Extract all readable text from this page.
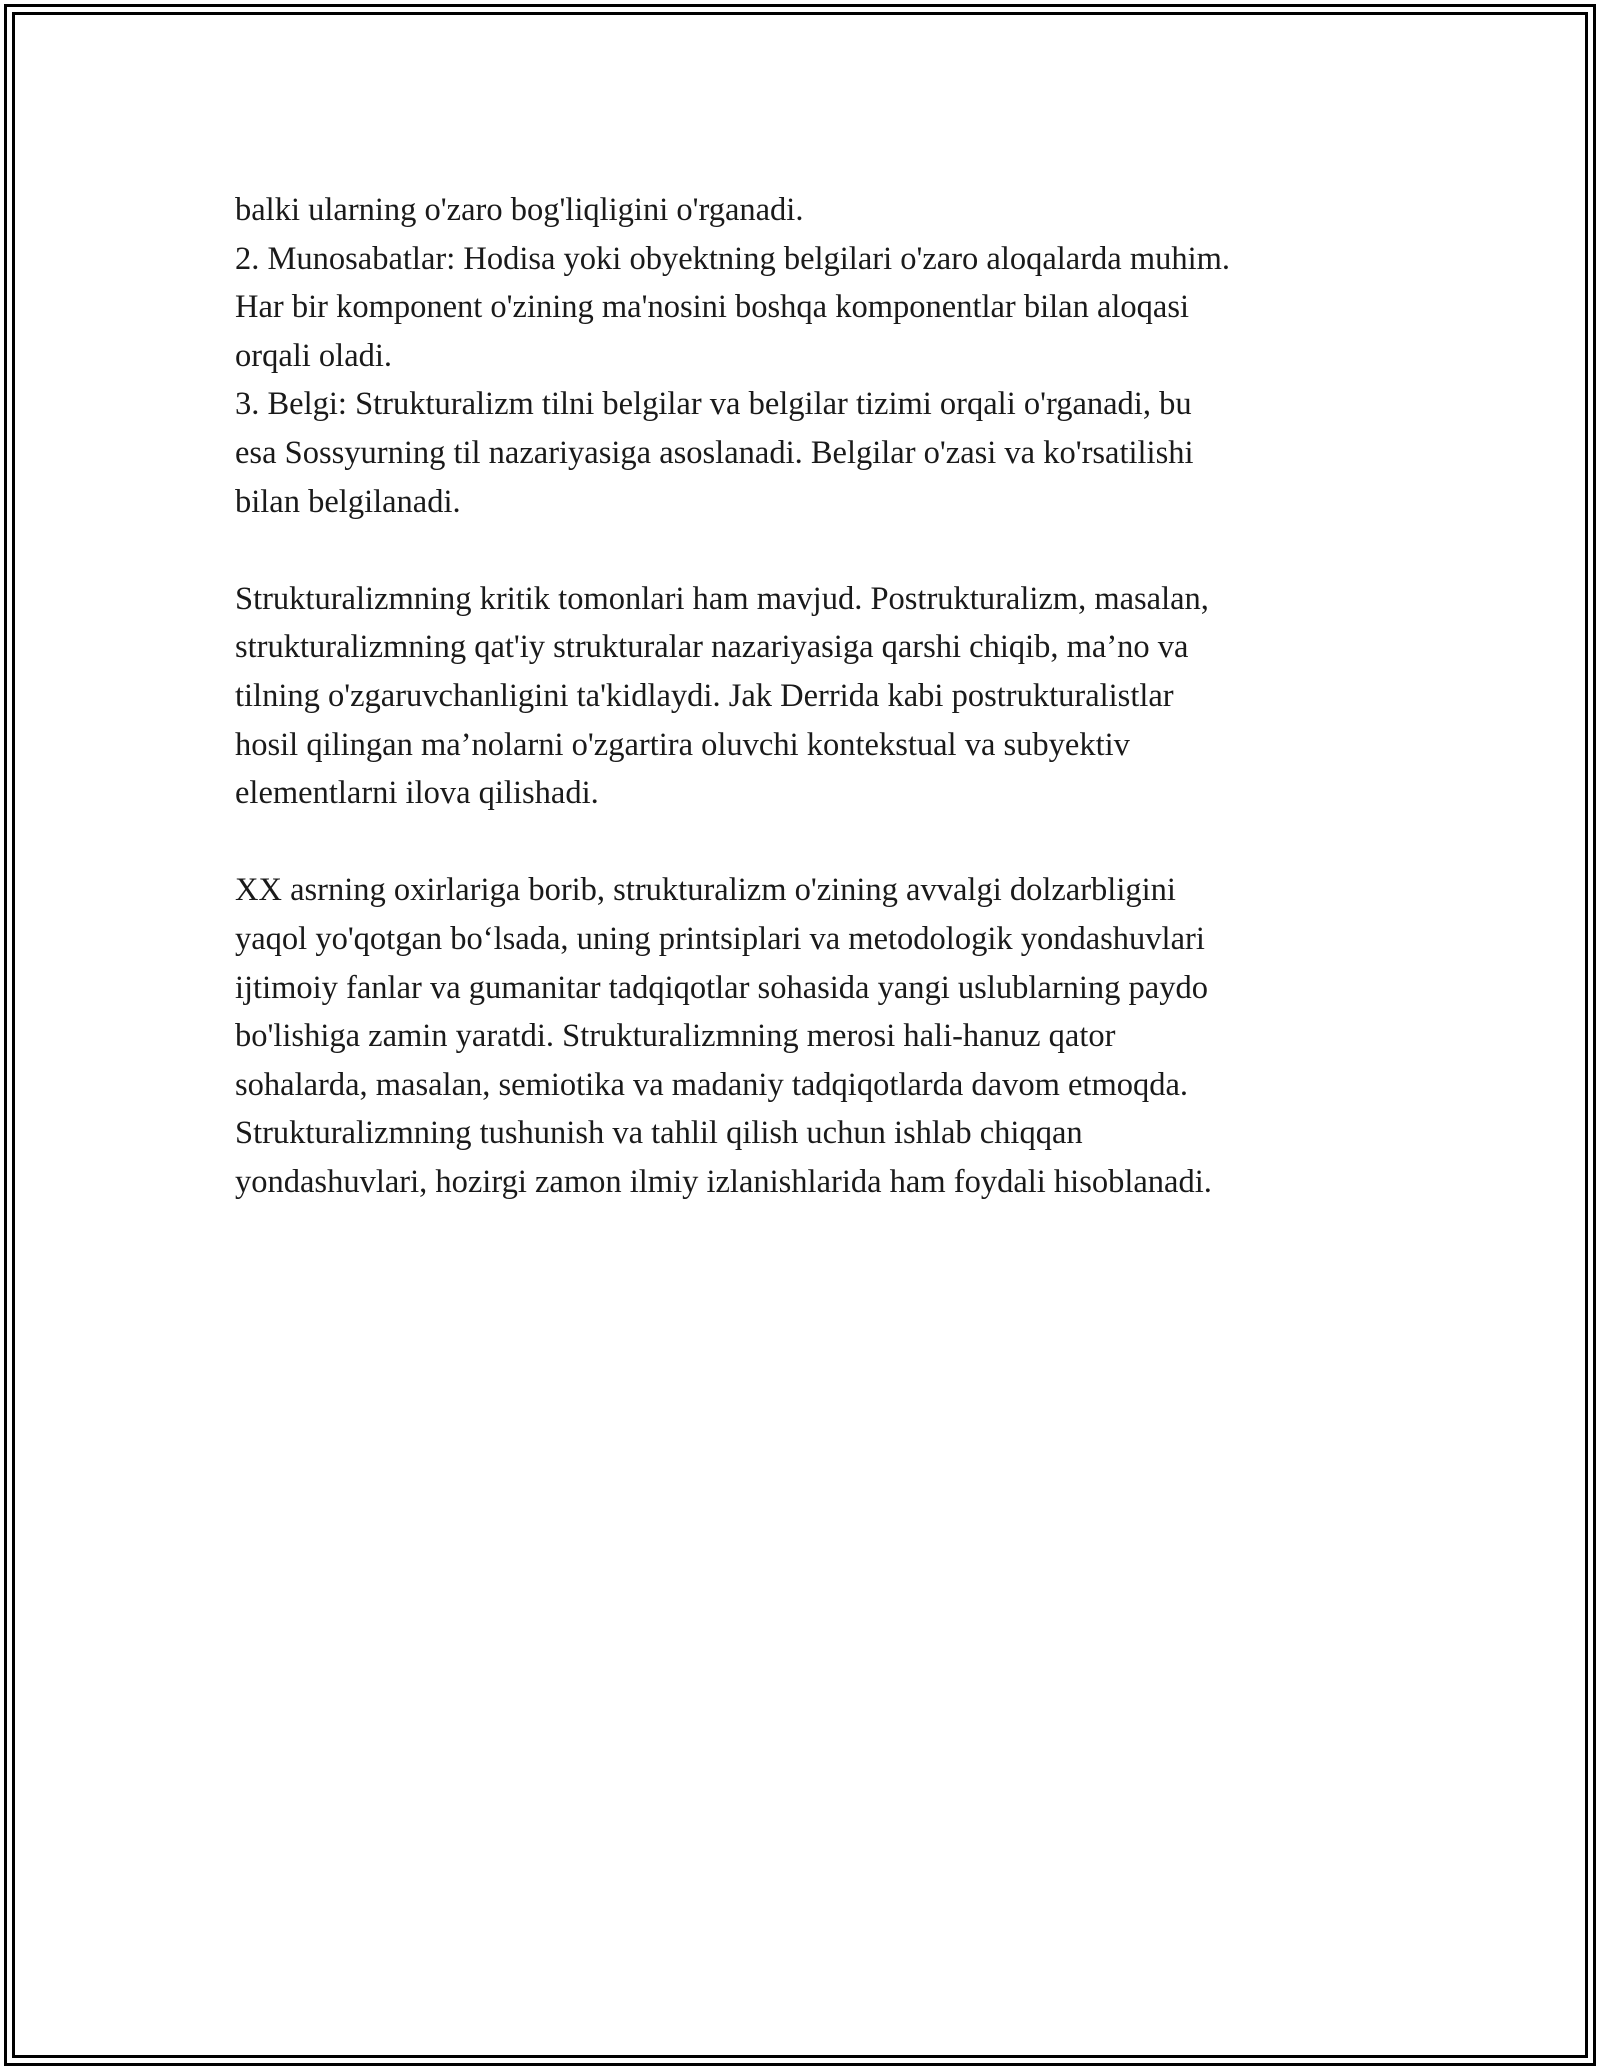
balki ularning o'zaro bog'liqligini o'rganadi.
2. Munosabatlar: Hodisa yoki obyektning belgilari o'zaro aloqalarda muhim.
Har bir komponent o'zining ma'nosini boshqa komponentlar bilan aloqasi
orqali oladi.
3. Belgi: Strukturalizm tilni belgilar va belgilar tizimi orqali o'rganadi, bu
esa Sossyurning til nazariyasiga asoslanadi. Belgilar o'zasi va ko'rsatilishi
bilan belgilanadi.

Strukturalizmning kritik tomonlari ham mavjud. Postrukturalizm, masalan,
strukturalizmning qat'iy strukturalar nazariyasiga qarshi chiqib, ma’no va
tilning o'zgaruvchanligini ta'kidlaydi. Jak Derrida kabi postrukturalistlar
hosil qilingan ma’nolarni o'zgartira oluvchi kontekstual va subyektiv
elementlarni ilova qilishadi.

XX asrning oxirlariga borib, strukturalizm o'zining avvalgi dolzarbligini
yaqol yo'qotgan bo‘lsada, uning printsiplari va metodologik yondashuvlari
ijtimoiy fanlar va gumanitar tadqiqotlar sohasida yangi uslublarning paydo
bo'lishiga zamin yaratdi. Strukturalizmning merosi hali-hanuz qator
sohalarda, masalan, semiotika va madaniy tadqiqotlarda davom etmoqda.
Strukturalizmning tushunish va tahlil qilish uchun ishlab chiqqan
yondashuvlari, hozirgi zamon ilmiy izlanishlarida ham foydali hisoblanadi.
